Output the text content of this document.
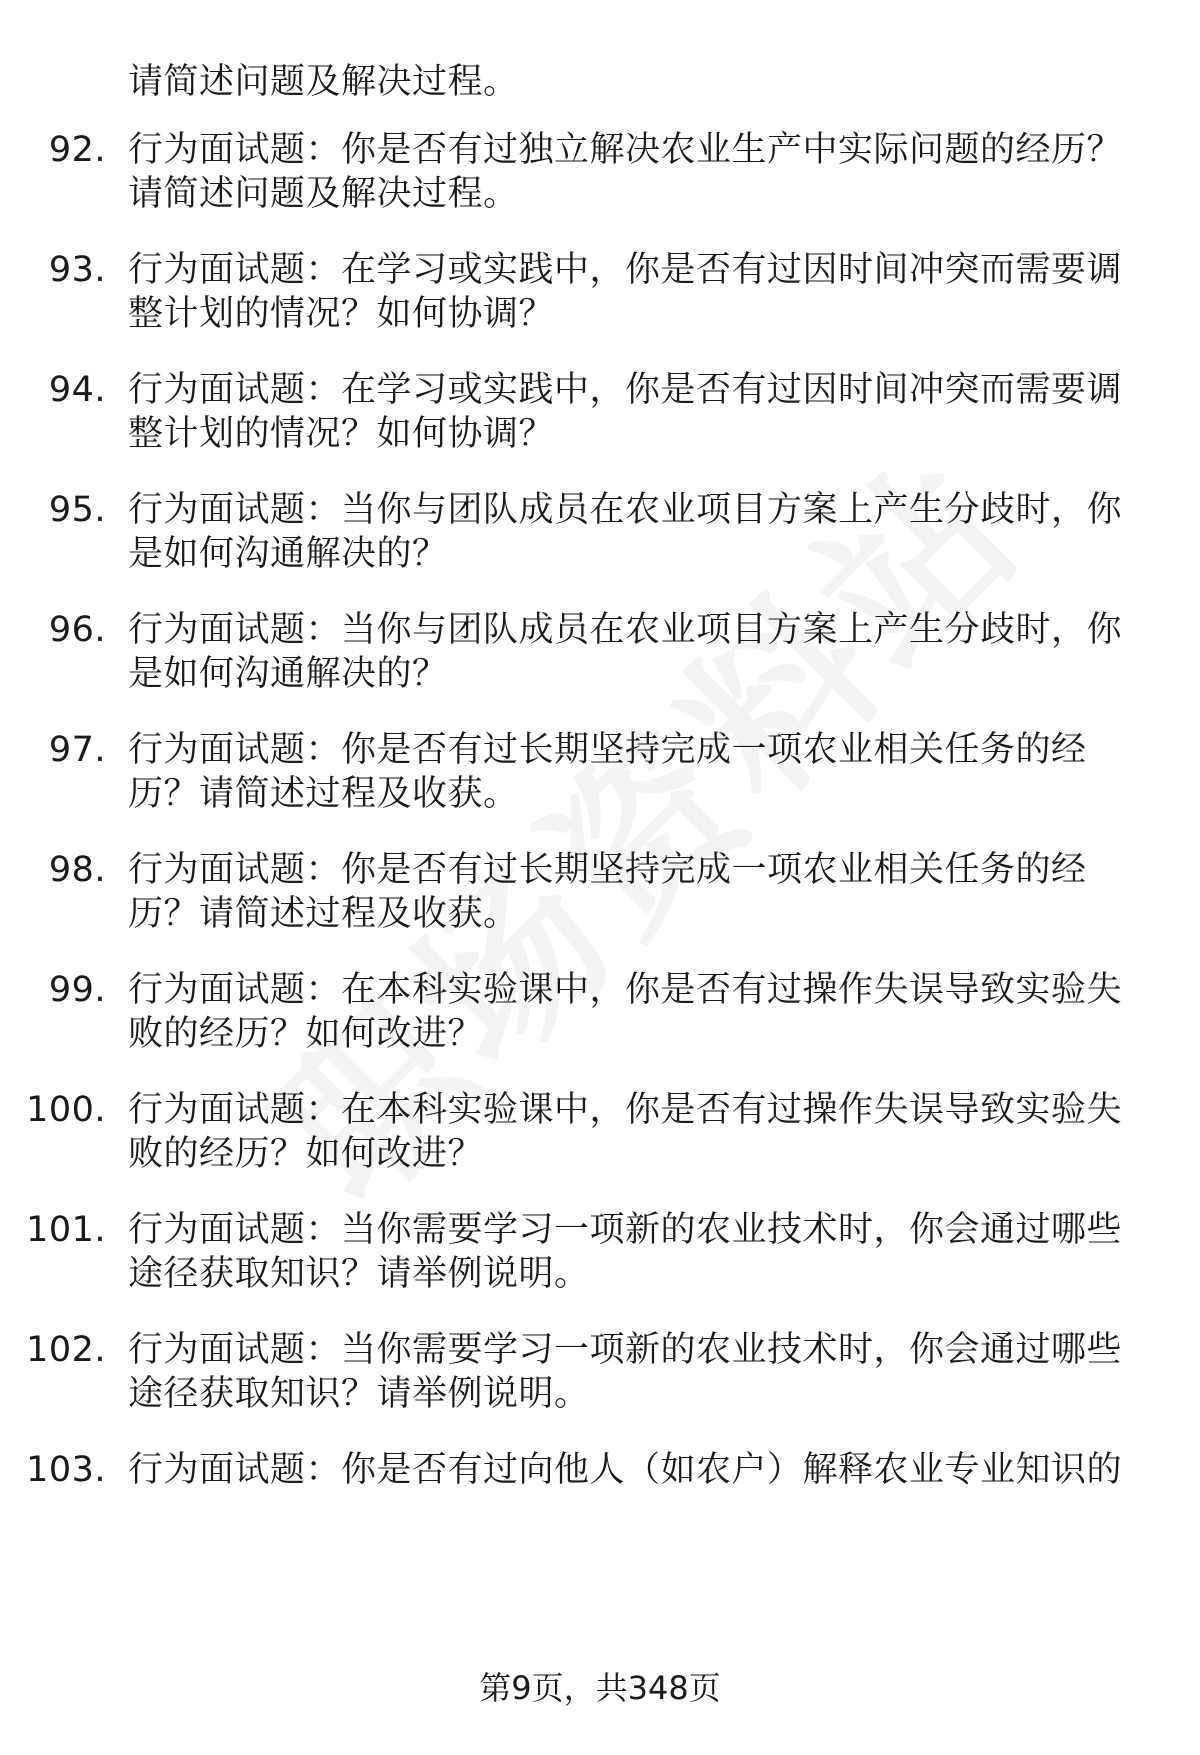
请简述问题及解决过程。
92. 行为面试题：你是否有过独立解决农业生产中实际问题的经历？
请简述问题及解决过程。
93. 行为面试题：在学习或实践中，你是否有过因时间冲突而需要调
整计划的情况？如何协调？
94. 行为面试题：在学习或实践中，你是否有过因时间冲突而需要调
整计划的情况？如何协调？
95. 行为面试题：当你与团队成员在农业项目方案上产生分歧时，你
是如何沟通解决的？
96. 行为面试题：当你与团队成员在农业项目方案上产生分歧时，你
是如何沟通解决的？
97. 行为面试题：你是否有过长期坚持完成一项农业相关任务的经
历？请简述过程及收获。
98. 行为面试题：你是否有过长期坚持完成一项农业相关任务的经
历？请简述过程及收获。
99. 行为面试题：在本科实验课中，你是否有过操作失误导致实验失
败的经历？如何改进？
100. 行为面试题：在本科实验课中，你是否有过操作失误导致实验失
败的经历？如何改进？
101. 行为面试题：当你需要学习一项新的农业技术时，你会通过哪些
途径获取知识？请举例说明。
102. 行为面试题：当你需要学习一项新的农业技术时，你会通过哪些
途径获取知识？请举例说明。
103. 行为面试题：你是否有过向他人（如农户）解释农业专业知识的
第9页，共348页
